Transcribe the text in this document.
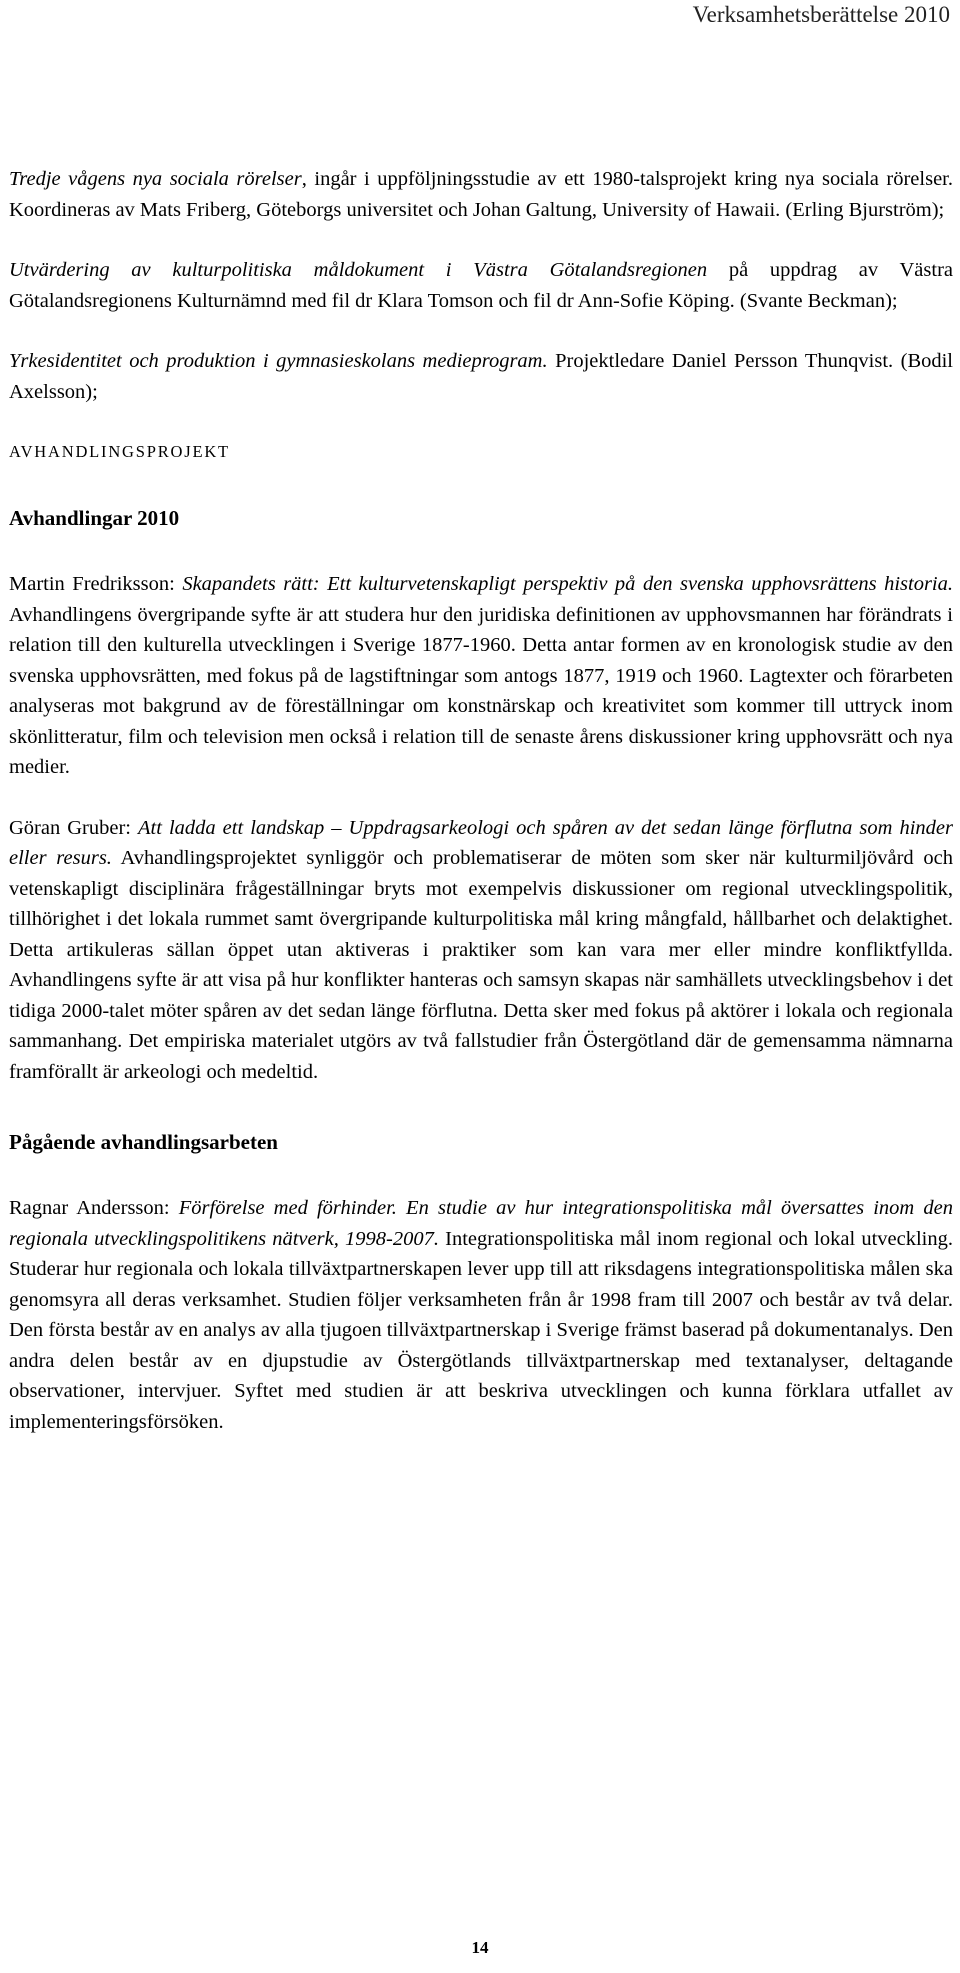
Verksamhetsberättelse 2010

Tredje vågens nya sociala rörelser, ingår i uppföljningsstudie av ett 1980-talsprojekt kring nya sociala rörelser. Koordineras av Mats Friberg, Göteborgs universitet och Johan Galtung, University of Hawaii. (Erling Bjurström);

Utvärdering av kulturpolitiska måldokument i Västra Götalandsregionen på uppdrag av Västra Götalandsregionens Kulturnämnd med fil dr Klara Tomson och fil dr Ann-Sofie Köping. (Svante Beckman);

Yrkesidentitet och produktion i gymnasieskolans medieprogram. Projektledare Daniel Persson Thunqvist. (Bodil Axelsson);

AVHANDLINGSPROJEKT

Avhandlingar 2010

Martin Fredriksson: Skapandets rätt: Ett kulturvetenskapligt perspektiv på den svenska upphovsrättens historia. Avhandlingens övergripande syfte är att studera hur den juridiska definitionen av upphovsmannen har förändrats i relation till den kulturella utvecklingen i Sverige 1877-1960. Detta antar formen av en kronologisk studie av den svenska upphovsrätten, med fokus på de lagstiftningar som antogs 1877, 1919 och 1960. Lagtexter och förarbeten analyseras mot bakgrund av de föreställningar om konstnärskap och kreativitet som kommer till uttryck inom skönlitteratur, film och television men också i relation till de senaste årens diskussioner kring upphovsrätt och nya medier.

Göran Gruber: Att ladda ett landskap – Uppdragsarkeologi och spåren av det sedan länge förflutna som hinder eller resurs. Avhandlingsprojektet synliggör och problematiserar de möten som sker när kulturmiljövård och vetenskapligt disciplinära frågeställningar bryts mot exempelvis diskussioner om regional utvecklingspolitik, tillhörighet i det lokala rummet samt övergripande kulturpolitiska mål kring mångfald, hållbarhet och delaktighet. Detta artikuleras sällan öppet utan aktiveras i praktiker som kan vara mer eller mindre konfliktfyllda. Avhandlingens syfte är att visa på hur konflikter hanteras och samsyn skapas när samhällets utvecklingsbehov i det tidiga 2000-talet möter spåren av det sedan länge förflutna. Detta sker med fokus på aktörer i lokala och regionala sammanhang. Det empiriska materialet utgörs av två fallstudier från Östergötland där de gemensamma nämnarna framförallt är arkeologi och medeltid.

Pågående avhandlingsarbeten

Ragnar Andersson: Förförelse med förhinder. En studie av hur integrationspolitiska mål översattes inom den regionala utvecklingspolitikens nätverk, 1998-2007. Integrationspolitiska mål inom regional och lokal utveckling. Studerar hur regionala och lokala tillväxtpartnerskapen lever upp till att riksdagens integrationspolitiska målen ska genomsyra all deras verksamhet. Studien följer verksamheten från år 1998 fram till 2007 och består av två delar. Den första består av en analys av alla tjugoen tillväxtpartnerskap i Sverige främst baserad på dokumentanalys. Den andra delen består av en djupstudie av Östergötlands tillväxtpartnerskap med textanalyser, deltagande observationer, intervjuer. Syftet med studien är att beskriva utvecklingen och kunna förklara utfallet av implementeringsförsöken.

14
